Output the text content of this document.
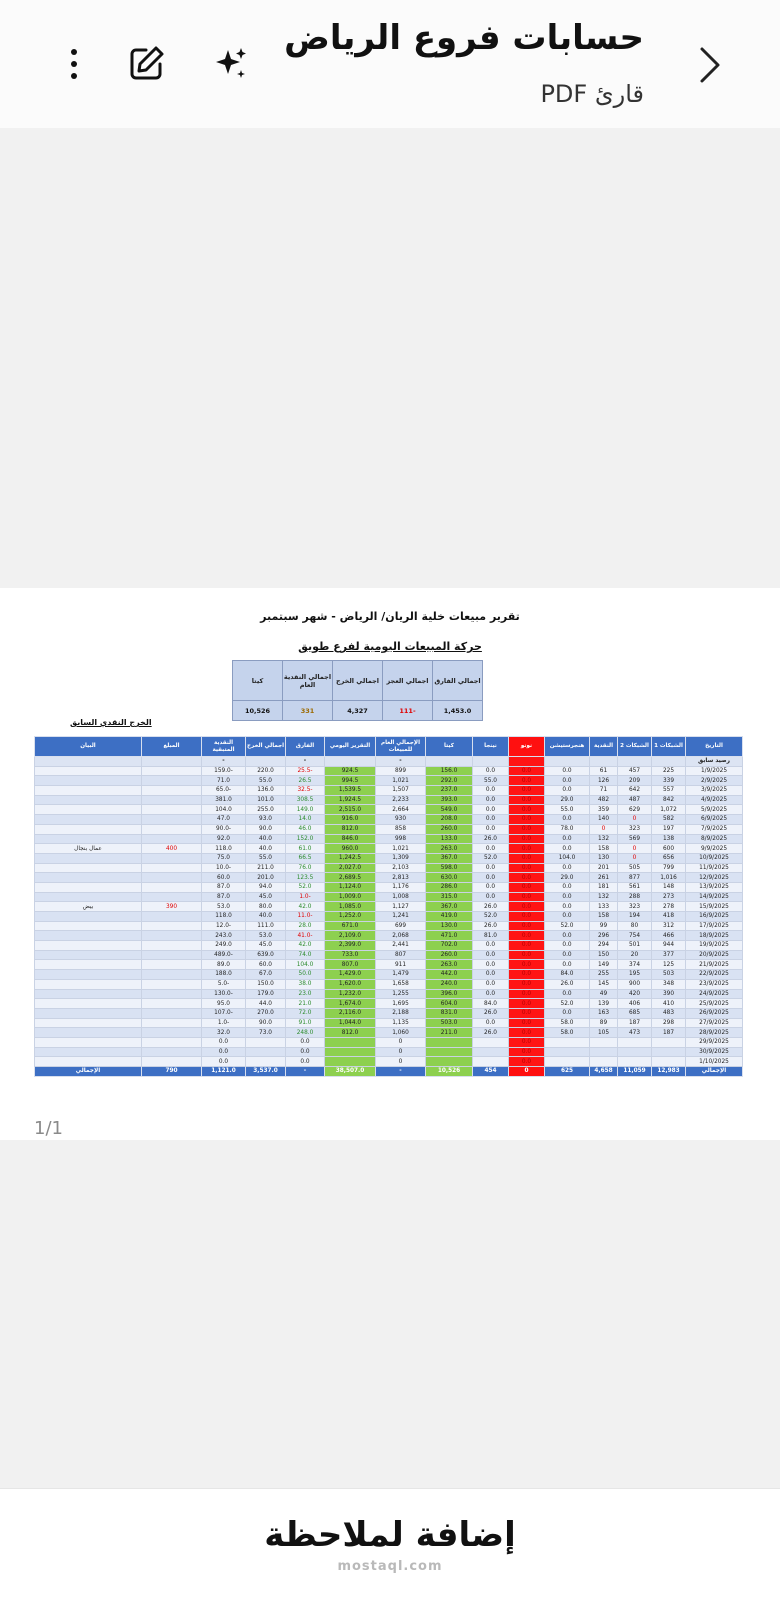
حسابات فروع الرياض
قارئ PDF
تقرير مبيعات خلية الريان/ الرياض - شهر سبتمبر
حركة المبيعات اليومية لفرع طويق
اجمالي الفارق	اجمالي العجز	اجمالي الخرج	اجمالي النقدية العام	كيتا
1,453.0	-111	4,327	331	10,526
الخرج النقدي السابق
التاريخ	الشبكات 1	الشبكات 2	النقدية	هنجرستيشن	نونو	نينجا	كيتا	الإجمالي العام للمبيعات	التقرير اليومي	الفارق	اجمالي الخرج	النقدية المتبقية	المبلغ	البيان
رصيد سابق								-		-		-		
1/9/2025	225	457	61	0.0	0.0	0.0	156.0	899	924.5	-25.5	220.0	-159.0		
2/9/2025	339	209	126	0.0	0.0	55.0	292.0	1,021	994.5	26.5	55.0	71.0		
3/9/2025	557	642	71	0.0	0.0	0.0	237.0	1,507	1,539.5	-32.5	136.0	-65.0		
4/9/2025	842	487	482	29.0	0.0	0.0	393.0	2,233	1,924.5	308.5	101.0	381.0		
5/9/2025	1,072	629	359	55.0	0.0	0.0	549.0	2,664	2,515.0	149.0	255.0	104.0		
6/9/2025	582	0	140	0.0	0.0	0.0	208.0	930	916.0	14.0	93.0	47.0		
7/9/2025	197	323	0	78.0	0.0	0.0	260.0	858	812.0	46.0	90.0	-90.0		
8/9/2025	138	569	132	0.0	0.0	26.0	133.0	998	846.0	152.0	40.0	92.0		
9/9/2025	600	0	158	0.0	0.0	0.0	263.0	1,021	960.0	61.0	40.0	118.0	400	عمال بنجال
10/9/2025	656	0	130	104.0	0.0	52.0	367.0	1,309	1,242.5	66.5	55.0	75.0		
11/9/2025	799	505	201	0.0	0.0	0.0	598.0	2,103	2,027.0	76.0	211.0	-10.0		
12/9/2025	1,016	877	261	29.0	0.0	0.0	630.0	2,813	2,689.5	123.5	201.0	60.0		
13/9/2025	148	561	181	0.0	0.0	0.0	286.0	1,176	1,124.0	52.0	94.0	87.0		
14/9/2025	273	288	132	0.0	0.0	0.0	315.0	1,008	1,009.0	-1.0	45.0	87.0		
15/9/2025	278	323	133	0.0	0.0	26.0	367.0	1,127	1,085.0	42.0	80.0	53.0	390	بيض
16/9/2025	418	194	158	0.0	0.0	52.0	419.0	1,241	1,252.0	-11.0	40.0	118.0		
17/9/2025	312	80	99	52.0	0.0	26.0	130.0	699	671.0	28.0	111.0	-12.0		
18/9/2025	466	754	296	0.0	0.0	81.0	471.0	2,068	2,109.0	-41.0	53.0	243.0		
19/9/2025	944	501	294	0.0	0.0	0.0	702.0	2,441	2,399.0	42.0	45.0	249.0		
20/9/2025	377	20	150	0.0	0.0	0.0	260.0	807	733.0	74.0	639.0	-489.0		
21/9/2025	125	374	149	0.0	0.0	0.0	263.0	911	807.0	104.0	60.0	89.0		
22/9/2025	503	195	255	84.0	0.0	0.0	442.0	1,479	1,429.0	50.0	67.0	188.0		
23/9/2025	348	900	145	26.0	0.0	0.0	240.0	1,658	1,620.0	38.0	150.0	-5.0		
24/9/2025	390	420	49	0.0	0.0	0.0	396.0	1,255	1,232.0	23.0	179.0	-130.0		
25/9/2025	410	406	139	52.0	0.0	84.0	604.0	1,695	1,674.0	21.0	44.0	95.0		
26/9/2025	483	685	163	0.0	0.0	26.0	831.0	2,188	2,116.0	72.0	270.0	-107.0		
27/9/2025	298	187	89	58.0	0.0	0.0	503.0	1,135	1,044.0	91.0	90.0	-1.0		
28/9/2025	187	473	105	58.0	0.0	26.0	211.0	1,060	812.0	248.0	73.0	32.0		
29/9/2025					0.0			0		0.0		0.0		
30/9/2025					0.0			0		0.0		0.0		
1/10/2025					0.0			0		0.0		0.0		
الإجمالي	12,983	11,059	4,658	625	0	454	10,526	-	38,507.0	-	3,537.0	1,121.0	790	الإجمالي
1/1
إضافة لملاحظة
mostaql.com
